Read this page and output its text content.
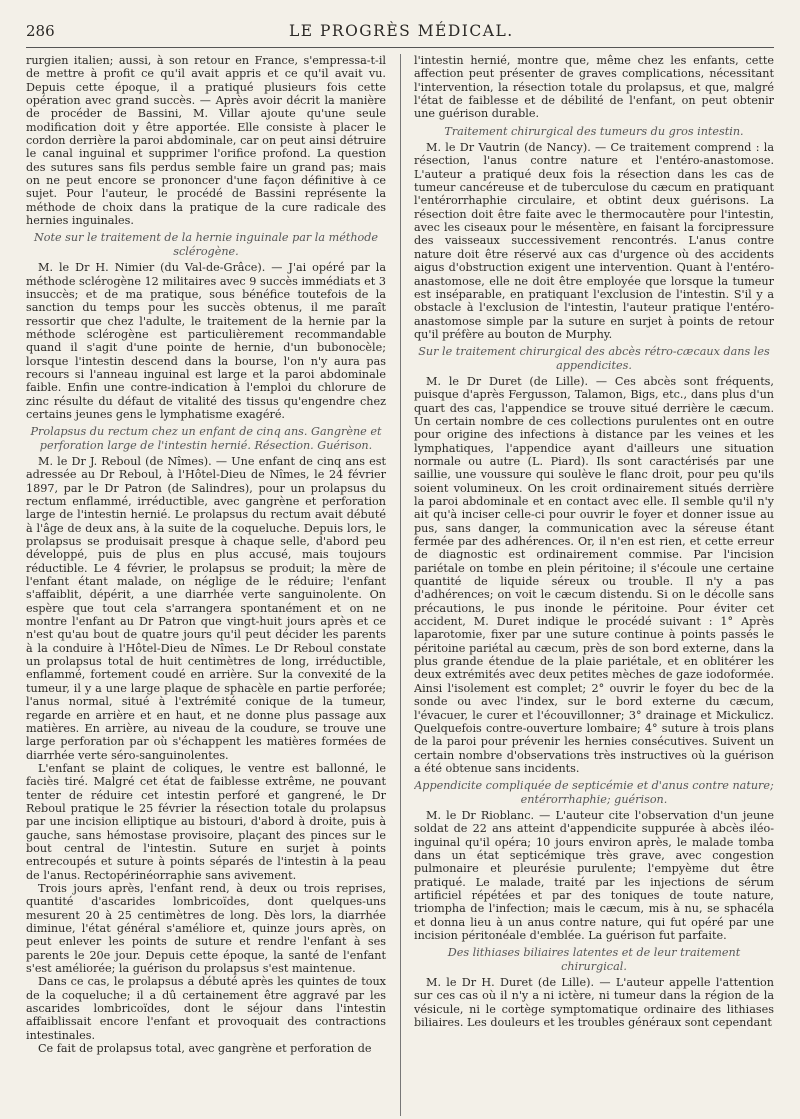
286	LE PROGRÈS MÉDICAL.

rurgien italien; aussi, à son retour en France, s'empressa-t-il de mettre à profit ce qu'il avait appris et ce qu'il avait vu. Depuis cette époque, il a pratiqué plusieurs fois cette opération avec grand succès. — Après avoir décrit la manière de procéder de Bassini, M. Villar ajoute qu'une seule modification doit y être apportée. Elle consiste à placer le cordon derrière la paroi abdominale, car on peut ainsi détruire le canal inguinal et supprimer l'orifice profond. La question des sutures sans fils perdus semble faire un grand pas; mais on ne peut encore se prononcer d'une façon définitive à ce sujet. Pour l'auteur, le procédé de Bassini représente la méthode de choix dans la pratique de la cure radicale des hernies inguinales.

Note sur le traitement de la hernie inguinale par la méthode sclérogène.

M. le Dr H. Nimier (du Val-de-Grâce). — J'ai opéré par la méthode sclérogène 12 militaires avec 9 succès immédiats et 3 insuccès; et de ma pratique, sous bénéfice toutefois de la sanction du temps pour les succès obtenus, il me paraît ressortir que chez l'adulte, le traitement de la hernie par la méthode sclérogène est particulièrement recommandable quand il s'agit d'une pointe de hernie, d'un bubonocèle; lorsque l'intestin descend dans la bourse, l'on n'y aura pas recours si l'anneau inguinal est large et la paroi abdominale faible. Enfin une contre-indication à l'emploi du chlorure de zinc résulte du défaut de vitalité des tissus qu'engendre chez certains jeunes gens le lymphatisme exagéré.

Prolapsus du rectum chez un enfant de cinq ans. Gangrène et perforation large de l'intestin hernié. Résection. Guérison.

M. le Dr J. Reboul (de Nîmes). — Une enfant de cinq ans est adressée au Dr Reboul, à l'Hôtel-Dieu de Nîmes, le 24 février 1897, par le Dr Patron (de Salindres), pour un prolapsus du rectum enflammé, irréductible, avec gangrène et perforation large de l'intestin hernié. Le prolapsus du rectum avait débuté à l'âge de deux ans, à la suite de la coqueluche. Depuis lors, le prolapsus se produisait presque à chaque selle, d'abord peu développé, puis de plus en plus accusé, mais toujours réductible. Le 4 février, le prolapsus se produit; la mère de l'enfant étant malade, on néglige de le réduire; l'enfant s'affaiblit, dépérit, a une diarrhée verte sanguinolente. On espère que tout cela s'arrangera spontanément et on ne montre l'enfant au Dr Patron que vingt-huit jours après et ce n'est qu'au bout de quatre jours qu'il peut décider les parents à la conduire à l'Hôtel-Dieu de Nîmes. Le Dr Reboul constate un prolapsus total de huit centimètres de long, irréductible, enflammé, fortement coudé en arrière. Sur la convexité de la tumeur, il y a une large plaque de sphacèle en partie perforée; l'anus normal, situé à l'extrémité conique de la tumeur, regarde en arrière et en haut, et ne donne plus passage aux matières. En arrière, au niveau de la coudure, se trouve une large perforation par où s'échappent les matières formées de diarrhée verte séro-sanguinolentes.

L'enfant se plaint de coliques, le ventre est ballonné, le faciès tiré. Malgré cet état de faiblesse extrême, ne pouvant tenter de réduire cet intestin perforé et gangrené, le Dr Reboul pratique le 25 février la résection totale du prolapsus par une incision elliptique au bistouri, d'abord à droite, puis à gauche, sans hémostase provisoire, plaçant des pinces sur le bout central de l'intestin. Suture en surjet à points entrecoupés et suture à points séparés de l'intestin à la peau de l'anus. Rectopérinéorraphie sans avivement.

Trois jours après, l'enfant rend, à deux ou trois reprises, quantité d'ascarides lombricoïdes, dont quelques-uns mesurent 20 à 25 centimètres de long. Dès lors, la diarrhée diminue, l'état général s'améliore et, quinze jours après, on peut enlever les points de suture et rendre l'enfant à ses parents le 20e jour. Depuis cette époque, la santé de l'enfant s'est améliorée; la guérison du prolapsus s'est maintenue.

Dans ce cas, le prolapsus a débuté après les quintes de toux de la coqueluche; il a dû certainement être aggravé par les ascarides lombricoïdes, dont le séjour dans l'intestin affaiblissait encore l'enfant et provoquait des contractions intestinales.

Ce fait de prolapsus total, avec gangrène et perforation de

l'intestin hernié, montre que, même chez les enfants, cette affection peut présenter de graves complications, nécessitant l'intervention, la résection totale du prolapsus, et que, malgré l'état de faiblesse et de débilité de l'enfant, on peut obtenir une guérison durable.

Traitement chirurgical des tumeurs du gros intestin.

M. le Dr Vautrin (de Nancy). — Ce traitement comprend : la résection, l'anus contre nature et l'entéro-anastomose. L'auteur a pratiqué deux fois la résection dans les cas de tumeur cancéreuse et de tuberculose du cæcum en pratiquant l'entérorrhaphie circulaire, et obtint deux guérisons. La résection doit être faite avec le thermocautère pour l'intestin, avec les ciseaux pour le mésentère, en faisant la forcipressure des vaisseaux successivement rencontrés. L'anus contre nature doit être réservé aux cas d'urgence où des accidents aigus d'obstruction exigent une intervention. Quant à l'entéro-anastomose, elle ne doit être employée que lorsque la tumeur est inséparable, en pratiquant l'exclusion de l'intestin. S'il y a obstacle à l'exclusion de l'intestin, l'auteur pratique l'entéro-anastomose simple par la suture en surjet à points de retour qu'il préfère au bouton de Murphy.

Sur le traitement chirurgical des abcès rétro-cæcaux dans les appendicites.

M. le Dr Duret (de Lille). — Ces abcès sont fréquents, puisque d'après Fergusson, Talamon, Bigs, etc., dans plus d'un quart des cas, l'appendice se trouve situé derrière le cæcum. Un certain nombre de ces collections purulentes ont en outre pour origine des infections à distance par les veines et les lymphatiques, l'appendice ayant d'ailleurs une situation normale ou autre (L. Piard). Ils sont caractérisés par une saillie, une voussure qui soulève le flanc droit, pour peu qu'ils soient volumineux. On les croit ordinairement situés derrière la paroi abdominale et en contact avec elle. Il semble qu'il n'y ait qu'à inciser celle-ci pour ouvrir le foyer et donner issue au pus, sans danger, la communication avec la séreuse étant fermée par des adhérences. Or, il n'en est rien, et cette erreur de diagnostic est ordinairement commise. Par l'incision pariétale on tombe en plein péritoine; il s'écoule une certaine quantité de liquide séreux ou trouble. Il n'y a pas d'adhérences; on voit le cæcum distendu. Si on le décolle sans précautions, le pus inonde le péritoine. Pour éviter cet accident, M. Duret indique le procédé suivant : 1° Après laparotomie, fixer par une suture continue à points passés le péritoine pariétal au cæcum, près de son bord externe, dans la plus grande étendue de la plaie pariétale, et en oblitérer les deux extrémités avec deux petites mèches de gaze iodoformée. Ainsi l'isolement est complet; 2° ouvrir le foyer du bec de la sonde ou avec l'index, sur le bord externe du cæcum, l'évacuer, le curer et l'écouvillonner; 3° drainage et Mickulicz. Quelquefois contre-ouverture lombaire; 4° suture à trois plans de la paroi pour prévenir les hernies consécutives. Suivent un certain nombre d'observations très instructives où la guérison a été obtenue sans incidents.

Appendicite compliquée de septicémie et d'anus contre nature; entérorrhaphie; guérison.

M. le Dr Rioblanc. — L'auteur cite l'observation d'un jeune soldat de 22 ans atteint d'appendicite suppurée à abcès iléo-inguinal qu'il opéra; 10 jours environ après, le malade tomba dans un état septicémique très grave, avec congestion pulmonaire et pleurésie purulente; l'empyème dut être pratiqué. Le malade, traité par les injections de sérum artificiel répétées et par des toniques de toute nature, triompha de l'infection; mais le cæcum, mis à nu, se sphacéla et donna lieu à un anus contre nature, qui fut opéré par une incision péritonéale d'emblée. La guérison fut parfaite.

Des lithiases biliaires latentes et de leur traitement chirurgical.

M. le Dr H. Duret (de Lille). — L'auteur appelle l'attention sur ces cas où il n'y a ni ictère, ni tumeur dans la région de la vésicule, ni le cortège symptomatique ordinaire des lithiases biliaires. Les douleurs et les troubles généraux sont cependant
